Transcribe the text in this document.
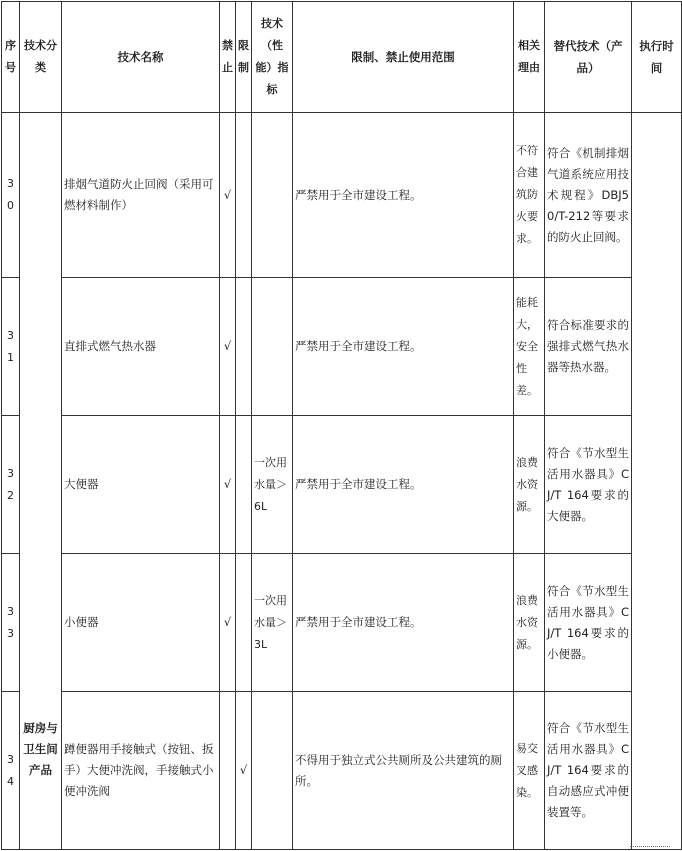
序号	技术分类	技术名称	禁止	限制	技术（性能）指标	限制、禁止使用范围	相关理由	替代技术（产品）	执行时间
30	厨房与卫生间产品	排烟气道防火止回阀（采用可燃材料制作）	√			严禁用于全市建设工程。	不符合建筑防火要求。	符合《机制排烟气道系统应用技术规程》DBJ50/T-212等要求的防火止回阀。	
31		直排式燃气热水器	√			严禁用于全市建设工程。	能耗大，安全性差。	符合标准要求的强排式燃气热水器等热水器。	
32		大便器	√		一次用水量＞6L	严禁用于全市建设工程。	浪费水资源。	符合《节水型生活用水器具》CJ/T 164要求的大便器。	
33		小便器	√		一次用水量＞3L	严禁用于全市建设工程。	浪费水资源。	符合《节水型生活用水器具》CJ/T 164要求的小便器。	
34		蹲便器用手接触式（按钮、扳手）大便冲洗阀，手接触式小便冲洗阀		√		不得用于独立式公共厕所及公共建筑的厕所。	易交叉感染。	符合《节水型生活用水器具》CJ/T 164要求的自动感应式冲便装置等。	
